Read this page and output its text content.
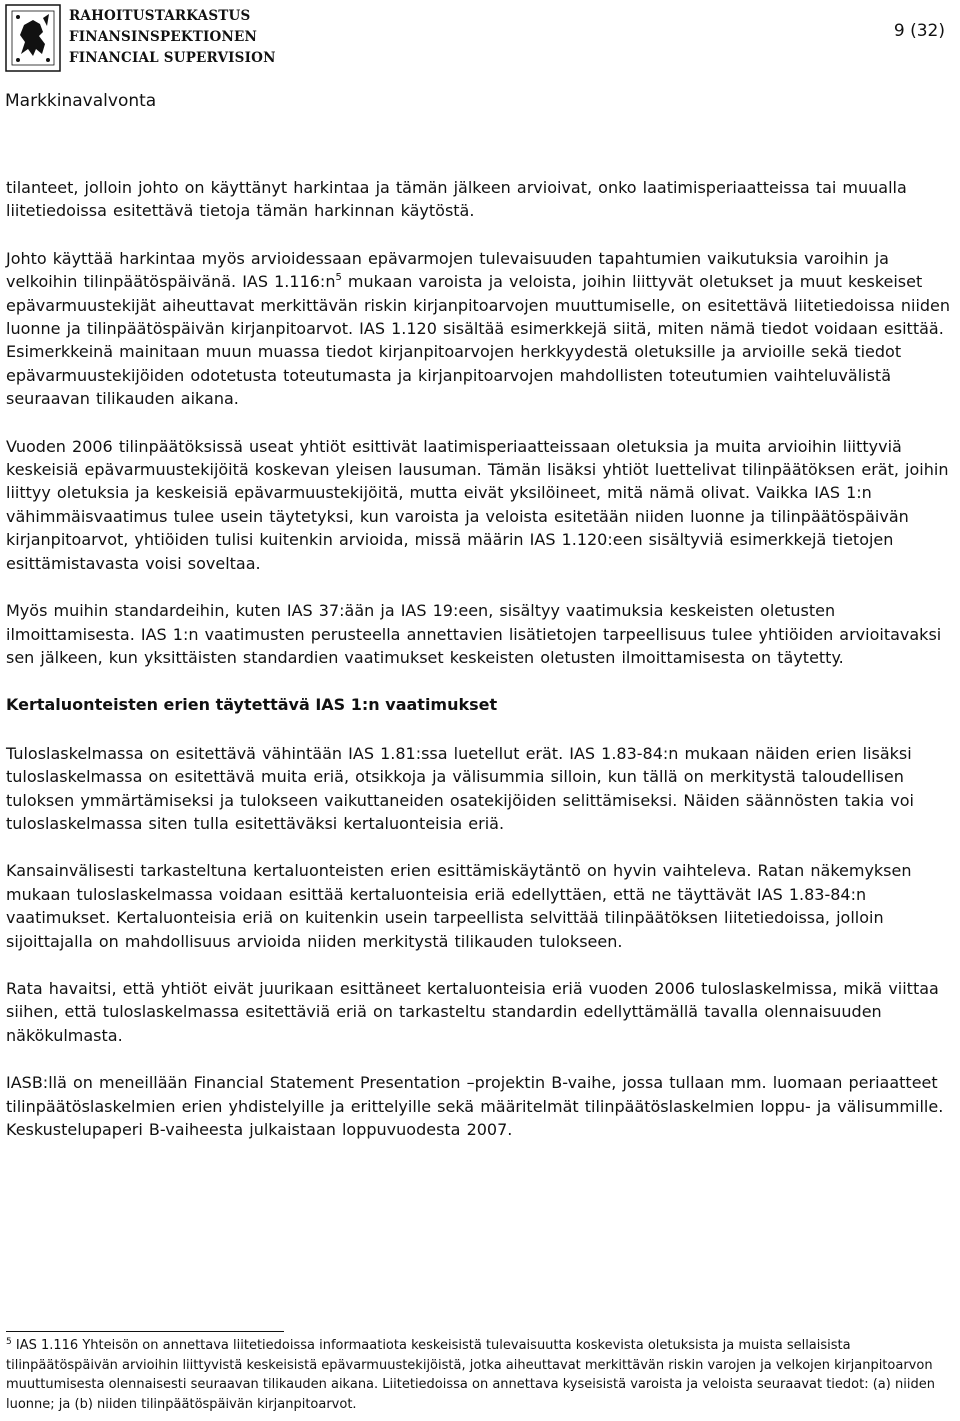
RAHOITUSTARKASTUS
FINANSINSPEKTIONEN
FINANCIAL SUPERVISION
Markkinavalvonta
9 (32)

tilanteet, jolloin johto on käyttänyt harkintaa ja tämän jälkeen arvioivat, onko laatimisperiaatteissa tai muualla liitetiedoissa esitettävä tietoja tämän harkinnan käytöstä.

Johto käyttää harkintaa myös arvioidessaan epävarmojen tulevaisuuden tapahtumien vaikutuksia varoihin ja velkoihin tilinpäätöspäivänä. IAS $1.116:n^5$ mukaan varoista ja veloista, joihin liittyvät oletukset ja muut keskeiset epävarmuustekijät aiheuttavat merkittävän riskin kirjanpitoarvojen muuttumiselle, on esitettävä liitetiedoissa niiden luonne ja tilinpäätöspäivän kirjanpitoarvot. IAS 1.120 sisältää esimerkkejä siitä, miten nämä tiedot voidaan esittää. Esimerkkeinä mainitaan muun muassa tiedot kirjanpitoarvojen herkkyydestä oletuksille ja arvioille sekä tiedot epävarmuustekijöiden odotetusta toteutumasta ja kirjanpitoarvojen mahdollisten toteutumien vaihteluvälistä seuraavan tilikauden aikana.

Vuoden 2006 tilinpäätöksissä useat yhtiöt esittivät laatimisperiaatteissaan oletuksia ja muita arvioihin liittyviä keskeisiä epävarmuustekijöitä koskevan yleisen lausuman. Tämän lisäksi yhtiöt luettelivat tilinpäätöksen erät, joihin liittyy oletuksia ja keskeisiä epävarmuustekijöitä, mutta eivät yksilöineet, mitä nämä olivat. Vaikka IAS 1:n vähimmäisvaatimus tulee usein täytetyksi, kun varoista ja veloista esitetään niiden luonne ja tilinpäätöspäivän kirjanpitoarvot, yhtiöiden tulisi kuitenkin arvioida, missä määrin IAS 1.120:een sisältyviä esimerkkejä tietojen esittämistavasta voisi soveltaa.

Myös muihin standardeihin, kuten IAS 37:ään ja IAS 19:een, sisältyy vaatimuksia keskeisten oletusten ilmoittamisesta. IAS 1:n vaatimusten perusteella annettavien lisätietojen tarpeellisuus tulee yhtiöiden arvioitavaksi sen jälkeen, kun yksittäisten standardien vaatimukset keskeisten oletusten ilmoittamisesta on täytetty.

Kertaluonteisten erien täytettävä IAS 1:n vaatimukset

Tuloslaskelmassa on esitettävä vähintään IAS 1.81:ssa luetellut erät. IAS 1.83-84:n mukaan näiden erien lisäksi tuloslaskelmassa on esitettävä muita eriä, otsikkoja ja välisummia silloin, kun tällä on merkitystä taloudellisen tuloksen ymmärtämiseksi ja tulokseen vaikuttaneiden osatekijöiden selittämiseksi. Näiden säännösten takia voi tuloslaskelmassa siten tulla esitettäväksi kertaluonteisia eriä.

Kansainvälisesti tarkasteltuna kertaluonteisten erien esittämiskäytäntö on hyvin vaihteleva. Ratan näkemyksen mukaan tuloslaskelmassa voidaan esittää kertaluonteisia eriä edellyttäen, että ne täyttävät IAS 1.83-84:n vaatimukset. Kertaluonteisia eriä on kuitenkin usein tarpeellista selvittää tilinpäätöksen liitetiedoissa, jolloin sijoittajalla on mahdollisuus arvioida niiden merkitystä tilikauden tulokseen.

Rata havaitsi, että yhtiöt eivät juurikaan esittäneet kertaluonteisia eriä vuoden 2006 tuloslaskelmissa, mikä viittaa siihen, että tuloslaskelmassa esitettäviä eriä on tarkasteltu standardin edellyttämällä tavalla olennaisuuden näkökulmasta.

IASB:llä on meneillään Financial Statement Presentation –projektin B-vaihe, jossa tullaan mm. luomaan periaatteet tilinpäätöslaskelmien erien yhdistelyille ja erittelyille sekä määritelmät tilinpäätöslaskelmien loppu- ja välisummille. Keskustelupaperi B-vaiheesta julkaistaan loppuvuodesta 2007.

$^5$ IAS 1.116 Yhteisön on annettava liitetiedoissa informaatiota keskeisistä tulevaisuutta koskevista oletuksista ja muista sellaisista tilinpäätöspäivän arvioihin liittyvistä keskeisistä epävarmuustekijöistä, jotka aiheuttavat merkittävän riskin varojen ja velkojen kirjanpitoarvon muuttumisesta olennaisesti seuraavan tilikauden aikana. Liitetiedoissa on annettava kyseisistä varoista ja veloista seuraavat tiedot: (a) niiden luonne; ja (b) niiden tilinpäätöspäivän kirjanpitoarvot.
